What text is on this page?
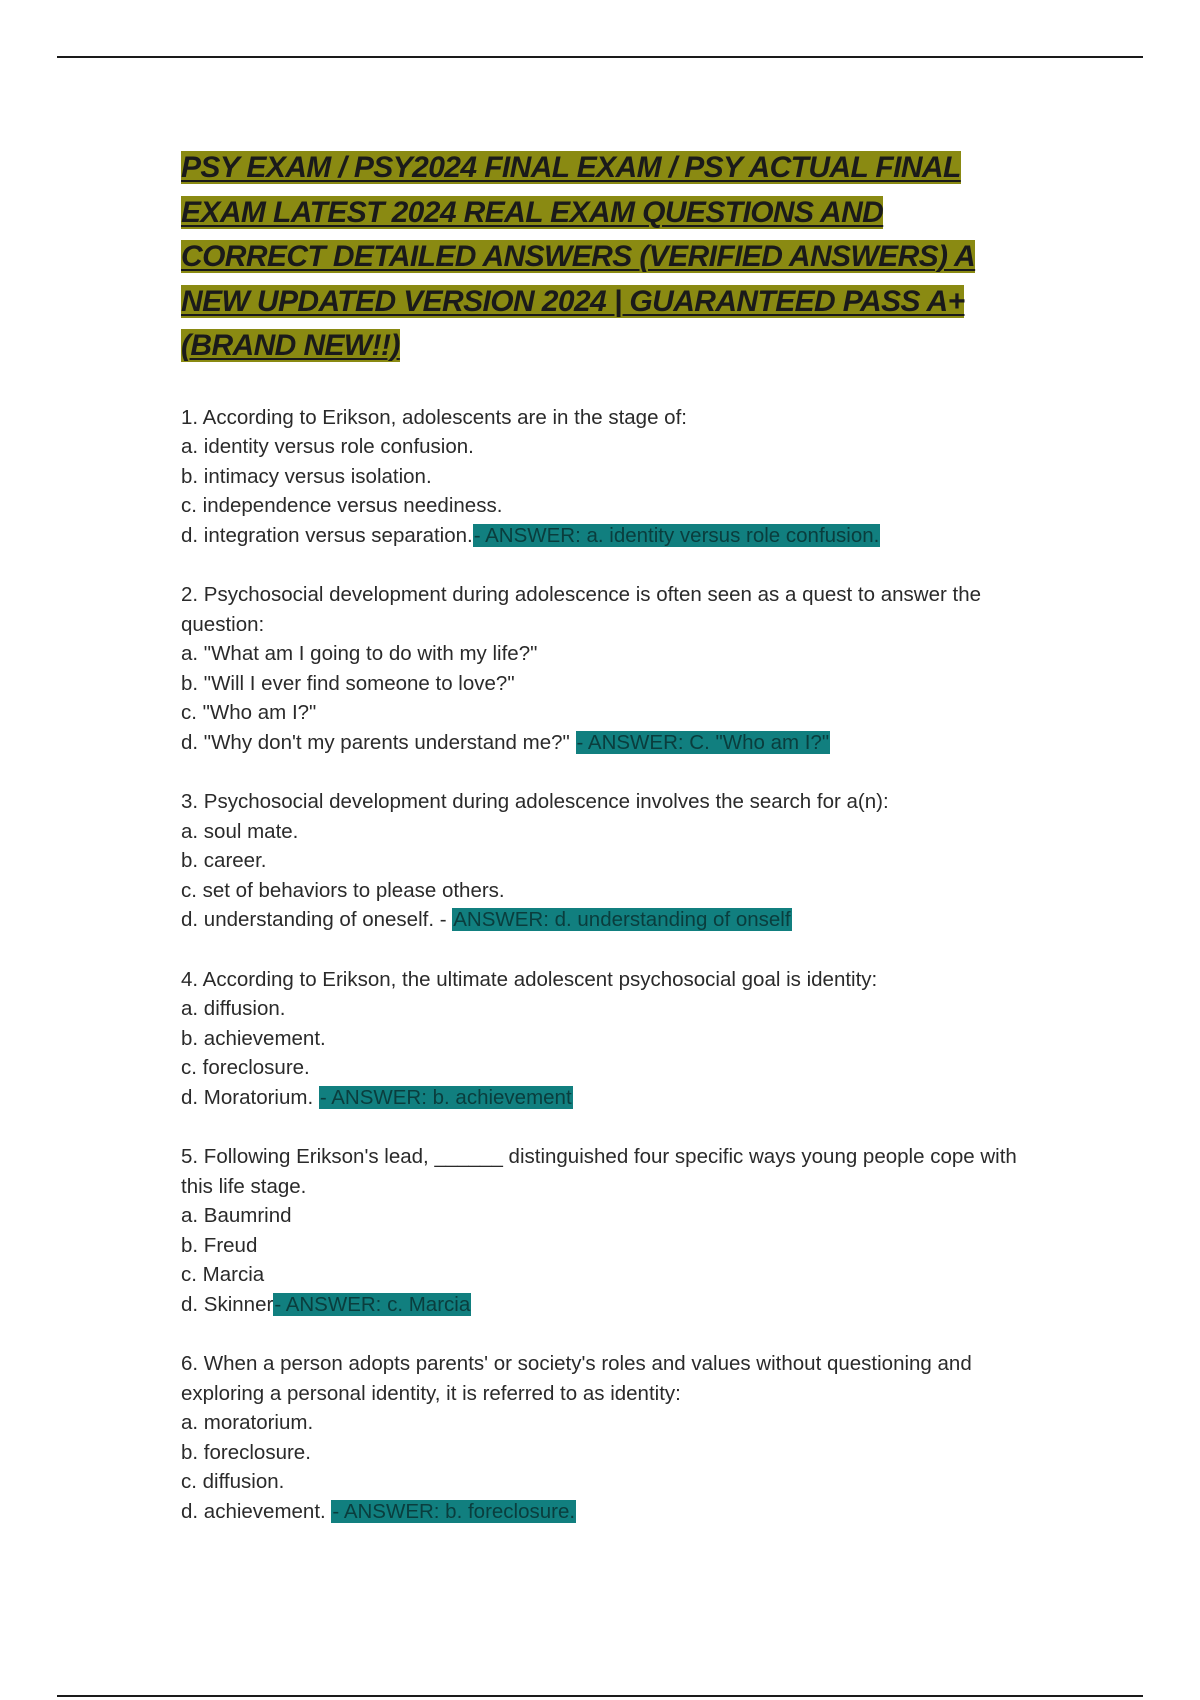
PSY EXAM / PSY2024 FINAL EXAM / PSY ACTUAL FINAL EXAM LATEST 2024 REAL EXAM QUESTIONS AND CORRECT DETAILED ANSWERS (VERIFIED ANSWERS) A NEW UPDATED VERSION 2024 | GUARANTEED PASS A+ (BRAND NEW!!)
1. According to Erikson, adolescents are in the stage of:
a. identity versus role confusion.
b. intimacy versus isolation.
c. independence versus neediness.
d. integration versus separation.- ANSWER: a. identity versus role confusion.
2. Psychosocial development during adolescence is often seen as a quest to answer the question:
a. "What am I going to do with my life?"
b. "Will I ever find someone to love?"
c. "Who am I?"
d. "Why don't my parents understand me?" - ANSWER: C. "Who am I?"
3. Psychosocial development during adolescence involves the search for a(n):
a. soul mate.
b. career.
c. set of behaviors to please others.
d. understanding of oneself. - ANSWER: d. understanding of onself
4. According to Erikson, the ultimate adolescent psychosocial goal is identity:
a. diffusion.
b. achievement.
c. foreclosure.
d. Moratorium. - ANSWER: b. achievement
5. Following Erikson's lead, ______ distinguished four specific ways young people cope with this life stage.
a. Baumrind
b. Freud
c. Marcia
d. Skinner- ANSWER: c. Marcia
6. When a person adopts parents' or society's roles and values without questioning and exploring a personal identity, it is referred to as identity:
a. moratorium.
b. foreclosure.
c. diffusion.
d. achievement. - ANSWER: b. foreclosure.
